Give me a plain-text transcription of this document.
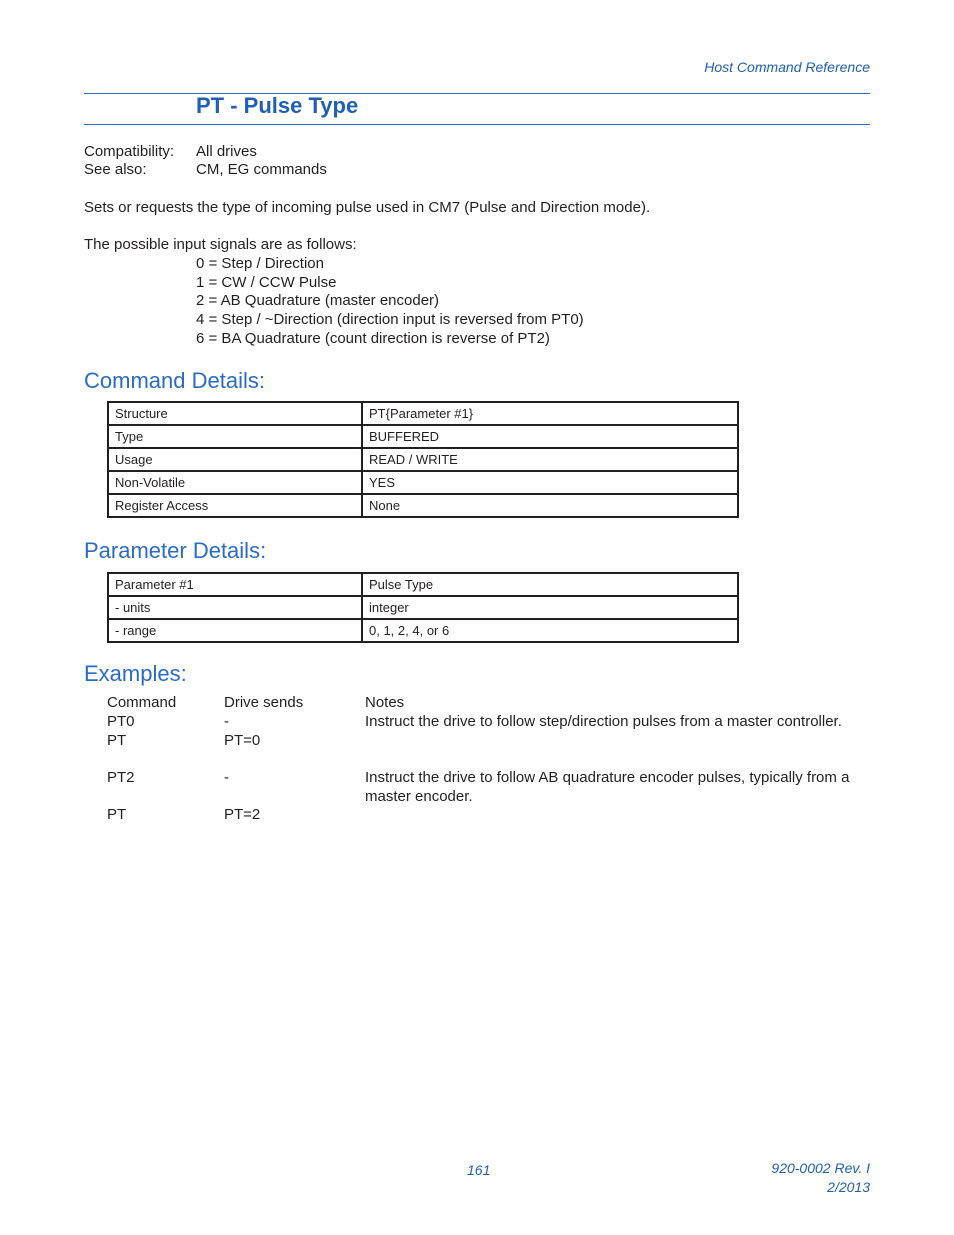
Host Command Reference
PT - Pulse Type
Compatibility: All drives
See also:	CM, EG commands
Sets or requests the type of incoming pulse used in CM7 (Pulse and Direction mode).
The possible input signals are as follows:
0 = Step / Direction
1 = CW / CCW Pulse
2 = AB Quadrature (master encoder)
4 = Step / ~Direction (direction input is reversed from PT0)
6 = BA Quadrature (count direction is reverse of PT2)
Command Details:
Structure	PT{Parameter #1}
Type	BUFFERED
Usage	READ / WRITE
Non-Volatile	YES
Register Access	None
Parameter Details:
Parameter #1	Pulse Type
- units	integer
- range	0, 1, 2, 4, or 6
Examples:
Command	Drive sends	Notes
PT0	-	Instruct the drive to follow step/direction pulses from a master controller.
PT	PT=0
PT2	-	Instruct the drive to follow AB quadrature encoder pulses, typically from a master encoder.
PT	PT=2
161	920-0002 Rev. I
2/2013
